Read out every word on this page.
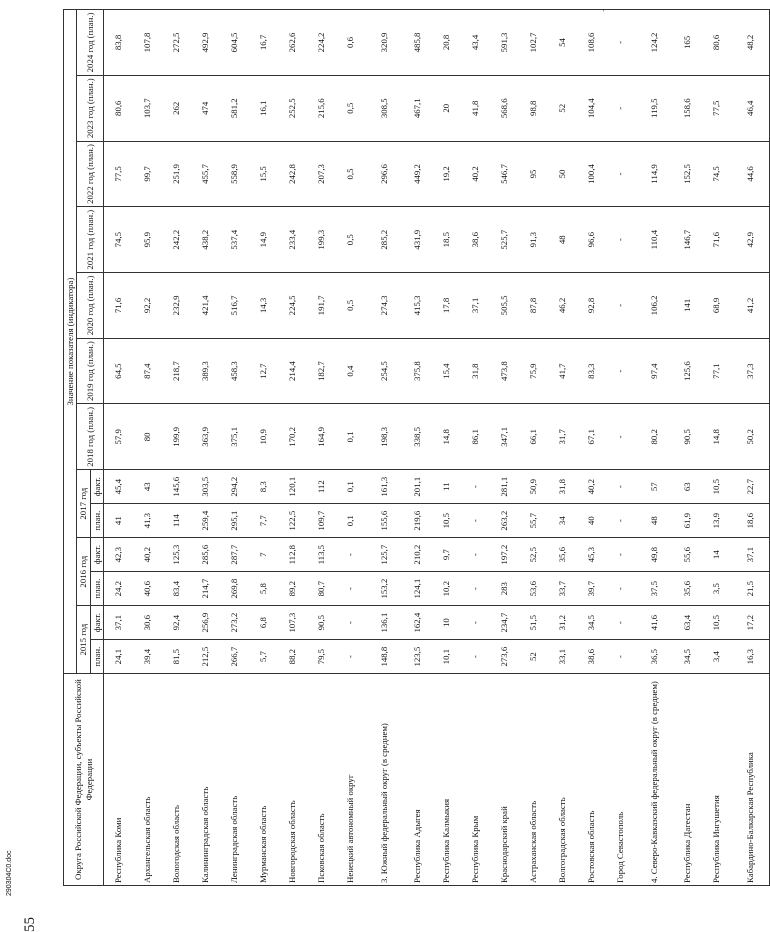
'
55
Округа Российской Федерации, субъекты Российской Федерации	Значение показателя (индикатора)												
	2015 год		2016 год		2017 год		2018 год (план.)	2019 год (план.)	2020 год (план.)	2021 год (план.)	2022 год (план.)	2023 год (план.)	2024 год (план.)
	план.	факт.	план.	факт.	план.	факт.							
Республика Коми	24,1	37,1	24,2	42,3	41	45,4	57,9	64,5	71,6	74,5	77,5	80,6	83,8
Архангельская область	39,4	30,6	40,6	40,2	41,3	43	80	87,4	92,2	95,9	99,7	103,7	107,8
Вологодская область	81,5	92,4	83,4	125,3	114	145,6	199,9	218,7	232,9	242,2	251,9	262	272,5
Калининградская область	212,5	256,9	214,7	285,6	259,4	303,5	363,9	389,3	421,4	438,2	455,7	474	492,9
Ленинградская область	266,7	273,2	269,8	287,7	295,1	294,2	375,1	458,3	516,7	537,4	558,9	581,2	604,5
Мурманская область	5,7	6,8	5,8	7	7,7	8,3	10,9	12,7	14,3	14,9	15,5	16,1	16,7
Новгородская область	88,2	107,3	89,2	112,8	122,5	120,1	170,2	214,4	224,5	233,4	242,8	252,5	262,6
Псковская область	79,5	90,5	80,7	113,5	109,7	112	164,9	182,7	191,7	199,3	207,3	215,6	224,2
Ненецкий автономный округ	-	-	-	-	0,1	0,1	0,1	0,4	0,5	0,5	0,5	0,5	0,6
3. Южный федеральный округ (в среднем)	148,8	136,1	153,2	125,7	155,6	161,3	198,3	254,5	274,3	285,2	296,6	308,5	320,9
Республика Адыгея	123,5	162,4	124,1	210,2	219,6	201,1	338,5	375,8	415,3	431,9	449,2	467,1	485,8
Республика Калмыкия	10,1	10	10,2	9,7	10,5	11	14,8	15,4	17,8	18,5	19,2	20	20,8
Республика Крым	-	-	-	-	-	-	86,1	31,8	37,1	38,6	40,2	41,8	43,4
Краснодарский край	273,6	234,7	283	197,2	263,2	281,1	347,1	473,8	505,5	525,7	546,7	568,6	591,3
Астраханская область	52	51,5	53,6	52,5	55,7	50,9	66,1	75,9	87,8	91,3	95	98,8	102,7
Волгоградская область	33,1	31,2	33,7	35,6	34	31,8	31,7	41,7	46,2	48	50	52	54
Ростовская область	38,6	34,5	39,7	45,3	40	40,2	67,1	83,3	92,8	96,6	100,4	104,4	108,6
Город Севастополь	-	-	-	-	-	-	-	-	-	-	-	-	-
4. Северо-Кавказский федеральный округ (в среднем)	36,5	41,6	37,5	49,8	48	57	80,2	97,4	106,2	110,4	114,9	119,5	124,2
Республика Дагестан	34,5	63,4	35,6	55,6	61,9	63	90,5	125,6	141	146,7	152,5	158,6	165
Республика Ингушетия	3,4	10,5	3,5	14	13,9	10,5	14,8	77,1	68,9	71,6	74,5	77,5	80,6
Кабардино-Балкарская Республика	16,3	17,2	21,5	37,1	18,6	22,7	50,2	37,3	41,2	42,9	44,6	46,4	48,2
290304С0.doc
